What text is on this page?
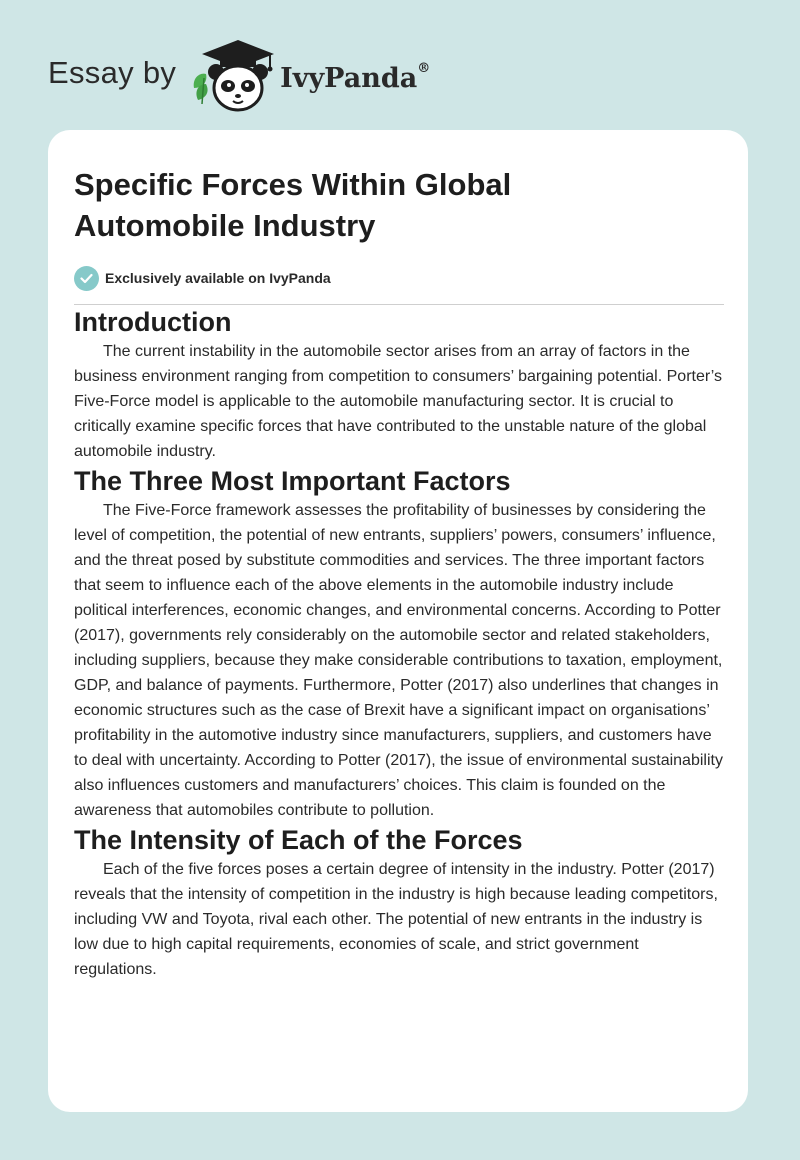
Essay by	IvyPanda®
Specific Forces Within Global
Automobile Industry
Exclusively available on IvyPanda
Introduction

The current instability in the automobile sector arises from an array of factors in the business environment ranging from competition to consumers’ bargaining potential. Porter’s Five-Force model is applicable to the automobile manufacturing sector. It is crucial to critically examine specific forces that have contributed to the unstable nature of the global automobile industry.

The Three Most Important Factors

The Five-Force framework assesses the profitability of businesses by considering the level of competition, the potential of new entrants, suppliers’ powers, consumers’ influence, and the threat posed by substitute commodities and services. The three important factors that seem to influence each of the above elements in the automobile industry include political interferences, economic changes, and environmental concerns. According to Potter (2017), governments rely considerably on the automobile sector and related stakeholders, including suppliers, because they make considerable contributions to taxation, employment, GDP, and balance of payments. Furthermore, Potter (2017) also underlines that changes in economic structures such as the case of Brexit have a significant impact on organisations’ profitability in the automotive industry since manufacturers, suppliers, and customers have to deal with uncertainty. According to Potter (2017), the issue of environmental sustainability also influences customers and manufacturers’ choices. This claim is founded on the awareness that automobiles contribute to pollution.

The Intensity of Each of the Forces

Each of the five forces poses a certain degree of intensity in the industry. Potter (2017) reveals that the intensity of competition in the industry is high because leading competitors, including VW and Toyota, rival each other. The potential of new entrants in the industry is low due to high capital requirements, economies of scale, and strict government regulations.
